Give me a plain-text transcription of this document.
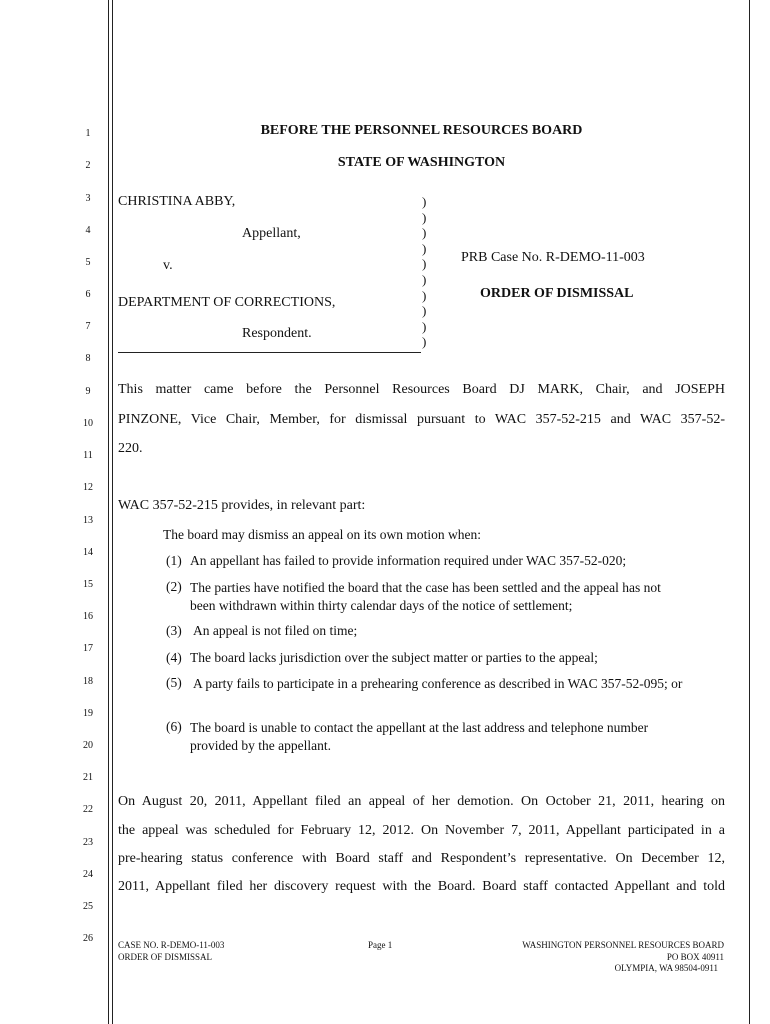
1
2
3
4
5
6
7
8
9
10
11
12
13
14
15
16
17
18
19
20
21
22
23
24
25
26
BEFORE THE PERSONNEL RESOURCES BOARD
STATE OF WASHINGTON
CHRISTINA ABBY,
Appellant,
v.
DEPARTMENT OF CORRECTIONS,
Respondent.
)
)
)
)
)
)
)
)
)
)
PRB Case No. R-DEMO-11-003
ORDER OF DISMISSAL
This matter came before the Personnel Resources Board DJ MARK, Chair, and JOSEPH
PINZONE, Vice Chair, Member, for dismissal pursuant to WAC 357-52-215 and WAC 357-52-
220.
WAC 357-52-215 provides, in relevant part:
The board may dismiss an appeal on its own motion when:
(1) An appellant has failed to provide information required under WAC 357-52-020;
(2) The parties have notified the board that the case has been settled and the appeal has not been withdrawn within thirty calendar days of the notice of settlement;
(3) An appeal is not filed on time;
(4) The board lacks jurisdiction over the subject matter or parties to the appeal;
(5) A party fails to participate in a prehearing conference as described in WAC 357-52-095; or
(6) The board is unable to contact the appellant at the last address and telephone number provided by the appellant.
On August 20, 2011, Appellant filed an appeal of her demotion. On October 21, 2011, hearing on
the appeal was scheduled for February 12, 2012. On November 7, 2011, Appellant participated in a
pre-hearing status conference with Board staff and Respondent’s representative. On December 12,
2011, Appellant filed her discovery request with the Board. Board staff contacted Appellant and told
CASE NO. R-DEMO-11-003
ORDER OF DISMISSAL
Page 1	WASHINGTON PERSONNEL RESOURCES BOARD
PO BOX 40911
OLYMPIA, WA 98504-0911
